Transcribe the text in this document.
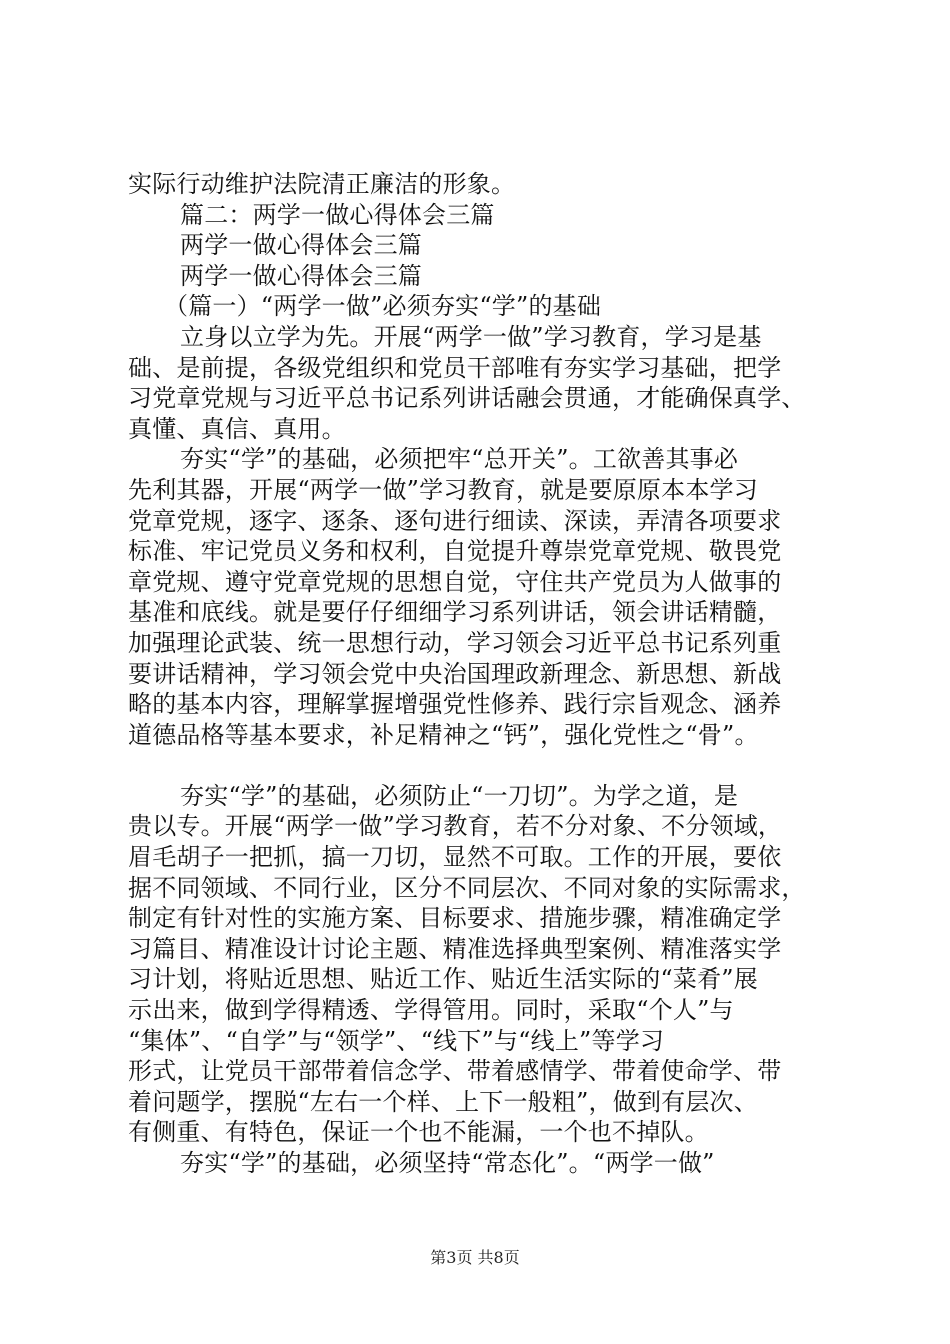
实际行动维护法院清正廉洁的形象。
篇二：两学一做心得体会三篇
两学一做心得体会三篇
两学一做心得体会三篇
（篇一）“两学一做”必须夯实“学”的基础
立身以立学为先。开展“两学一做”学习教育，学习是基
础、是前提，各级党组织和党员干部唯有夯实学习基础，把学
习党章党规与习近平总书记系列讲话融会贯通，才能确保真学、
真懂、真信、真用。
夯实“学”的基础，必须把牢“总开关”。工欲善其事必
先利其器，开展“两学一做”学习教育，就是要原原本本学习
党章党规，逐字、逐条、逐句进行细读、深读，弄清各项要求
标准、牢记党员义务和权利，自觉提升尊崇党章党规、敬畏党
章党规、遵守党章党规的思想自觉，守住共产党员为人做事的
基准和底线。就是要仔仔细细学习系列讲话，领会讲话精髓，
加强理论武装、统一思想行动，学习领会习近平总书记系列重
要讲话精神，学习领会党中央治国理政新理念、新思想、新战
略的基本内容，理解掌握增强党性修养、践行宗旨观念、涵养
道德品格等基本要求，补足精神之“钙”，强化党性之“骨”。
夯实“学”的基础，必须防止“一刀切”。为学之道，是
贵以专。开展“两学一做”学习教育，若不分对象、不分领域，
眉毛胡子一把抓，搞一刀切，显然不可取。工作的开展，要依
据不同领域、不同行业，区分不同层次、不同对象的实际需求，
制定有针对性的实施方案、目标要求、措施步骤，精准确定学
习篇目、精准设计讨论主题、精准选择典型案例、精准落实学
习计划，将贴近思想、贴近工作、贴近生活实际的“菜肴”展
示出来，做到学得精透、学得管用。同时，采取“个人”与
“集体”、“自学”与“领学”、“线下”与“线上”等学习
形式，让党员干部带着信念学、带着感情学、带着使命学、带
着问题学，摆脱“左右一个样、上下一般粗”，做到有层次、
有侧重、有特色，保证一个也不能漏，一个也不掉队。
夯实“学”的基础，必须坚持“常态化”。“两学一做”
第3页 共8页
